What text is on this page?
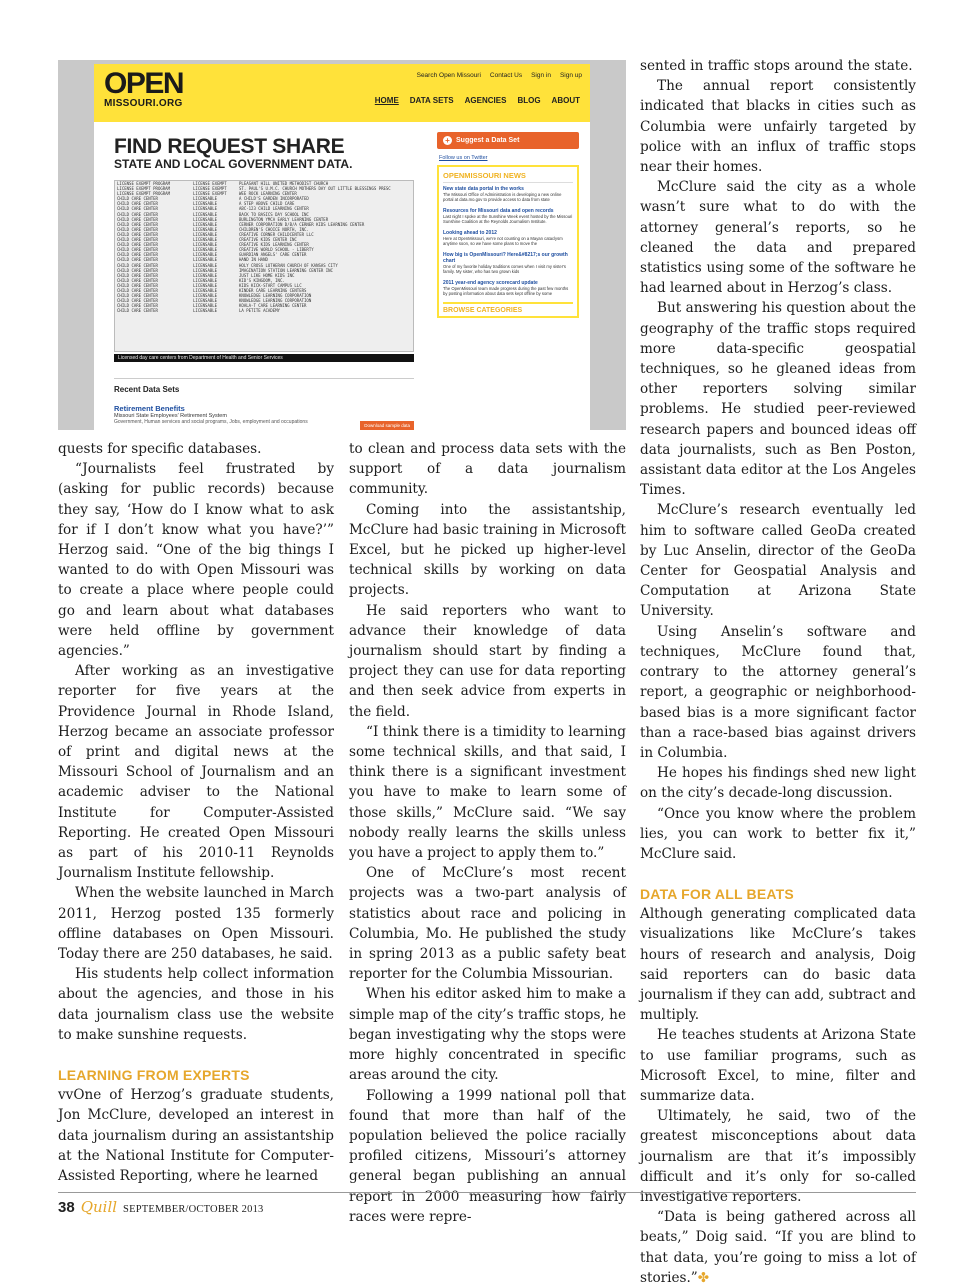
OPEN
MISSOURI.ORG
Search Open Missouri Contact Us Sign in Sign up
HOME DATA SETS AGENCIES BLOG ABOUT
FIND REQUEST SHARE
STATE AND LOCAL GOVERNMENT DATA.
LICENSE EXEMPT PROGRAM	LICENSE EXEMPT	PLEASANT HILL UNITED METHODIST CHURCH
LICENSE EXEMPT PROGRAM	LICENSE EXEMPT	ST. PAUL'S U.M.C. CHURCH MOTHERS DAY OUT LITTLE BLESSINGS PRESC
LICENSE EXEMPT PROGRAM	LICENSE EXEMPT	WEE ROCK LEARNING CENTER
CHILD CARE CENTER	LICENSABLE	A CHILD'S GARDEN INCORPORATED
CHILD CARE CENTER	LICENSABLE	A STEP ABOVE CHILD CARE
CHILD CARE CENTER	LICENSABLE	ABC-123 CHILD LEARNING CENTER
CHILD CARE CENTER	LICENSABLE	BACK TO BASICS DAY SCHOOL INC
CHILD CARE CENTER	LICENSABLE	BURLINGTON YMCA EARLY LEARNING CENTER
CHILD CARE CENTER	LICENSABLE	CERNER CORPORATION D/B/A CERNER KIDS LEARNING CENTER
CHILD CARE CENTER	LICENSABLE	CHILDREN'S CHOICE NORTH, INC.
CHILD CARE CENTER	LICENSABLE	CREATIVE CORNER CHILDCENTER LLC
CHILD CARE CENTER	LICENSABLE	CREATIVE KIDS CENTER INC
CHILD CARE CENTER	LICENSABLE	CREATIVE KIDS LEARNING CENTER
CHILD CARE CENTER	LICENSABLE	CREATIVE WORLD SCHOOL - LIBERTY
CHILD CARE CENTER	LICENSABLE	GUARDIAN ANGELS' CARE CENTER
CHILD CARE CENTER	LICENSABLE	HAND IN HAND
CHILD CARE CENTER	LICENSABLE	HOLY CROSS LUTHERAN CHURCH OF KANSAS CITY
CHILD CARE CENTER	LICENSABLE	IMAGINATION STATION LEARNING CENTER INC
CHILD CARE CENTER	LICENSABLE	JUST LIKE HOME KIDS INC
CHILD CARE CENTER	LICENSABLE	KID'S KINGDOM, INC.
CHILD CARE CENTER	LICENSABLE	KIDS KICK-START CAMPUS LLC
CHILD CARE CENTER	LICENSABLE	KINDER CARE LEARNING CENTERS
CHILD CARE CENTER	LICENSABLE	KNOWLEDGE LEARNING CORPORATION
CHILD CARE CENTER	LICENSABLE	KNOWLEDGE LEARNING CORPORATION
CHILD CARE CENTER	LICENSABLE	KOALA-T CARE LEARNING CENTER
CHILD CARE CENTER	LICENSABLE	LA PETITE ACADEMY
Licensed day care centers from Department of Health and Senior Services
Recent Data Sets
Retirement Benefits
Missouri State Employees' Retirement System
Government, Human services and social programs, Jobs, employment and occupations
Download sample data
+ Suggest a Data Set
Follow us on Twitter
OPENMISSOURI NEWS
New state data portal in the works
The Missouri Office of Administration is developing a new online portal at data.mo.gov to provide access to data from state
Resources for Missouri data and open records
Last night I spoke at the Sunshine Week event hosted by the Missouri Sunshine Coalition at the Reynolds Journalism Institute.
Looking ahead to 2012
Here at OpenMissouri, we're not counting on a Mayan cataclysm anytime soon, so we have some plans to move the
How big is OpenMissouri? Here&#8217;s our growth chart
One of my favorite holiday traditions comes when I visit my sister's family. My sister, who has two grown kids
2011 year-end agency scorecard update
The OpenMissouri team made progress during the past few months by posting information about data sets kept offline by some
BROWSE CATEGORIES

quests for specific databases.

“Journalists feel frustrated by (asking for public records) because they say, ‘How do I know what to ask for if I don’t know what you have?’” Herzog said. “One of the big things I wanted to do with Open Missouri was to create a place where people could go and learn about what databases were held offline by government agencies.”

After working as an investigative reporter for five years at the Providence Journal in Rhode Island, Herzog became an associate professor of print and digital news at the Missouri School of Journalism and an academic adviser to the National Institute for Computer-Assisted Reporting. He created Open Missouri as part of his 2010-11 Reynolds Journalism Institute fellowship.

When the website launched in March 2011, Herzog posted 135 formerly offline databases on Open Missouri. Today there are 250 databases, he said.

His students help collect information about the agencies, and those in his data journalism class use the website to make sunshine requests.

LEARNING FROM EXPERTS

vvOne of Herzog’s graduate students, Jon McClure, developed an interest in data journalism during an assistantship at the National Institute for Computer-Assisted Reporting, where he learned

to clean and process data sets with the support of a data journalism community.

Coming into the assistantship, McClure had basic training in Microsoft Excel, but he picked up higher-level technical skills by working on data projects.

He said reporters who want to advance their knowledge of data journalism should start by finding a project they can use for data reporting and then seek advice from experts in the field.

“I think there is a timidity to learning some technical skills, and that said, I think there is a significant investment you have to make to learn some of those skills,” McClure said. “We say nobody really learns the skills unless you have a project to apply them to.”

One of McClure’s most recent projects was a two-part analysis of statistics about race and policing in Columbia, Mo. He published the study in spring 2013 as a public safety beat reporter for the Columbia Missourian.

When his editor asked him to make a simple map of the city’s traffic stops, he began investigating why the stops were more highly concentrated in specific areas around the city.

Following a 1999 national poll that found that more than half of the population believed the police racially profiled citizens, Missouri’s attorney general began publishing an annual report in 2000 measuring how fairly races were repre-

sented in traffic stops around the state.

The annual report consistently indicated that blacks in cities such as Columbia were unfairly targeted by police with an influx of traffic stops near their homes.

McClure said the city as a whole wasn’t sure what to do with the attorney general’s reports, so he cleaned the data and prepared statistics using some of the software he had learned about in Herzog’s class.

But answering his question about the geography of the traffic stops required more data-specific geospatial techniques, so he gleaned ideas from other reporters solving similar problems. He studied peer-reviewed research papers and bounced ideas off data journalists, such as Ben Poston, assistant data editor at the Los Angeles Times.

McClure’s research eventually led him to software called GeoDa created by Luc Anselin, director of the GeoDa Center for Geospatial Analysis and Computation at Arizona State University.

Using Anselin’s software and techniques, McClure found that, contrary to the attorney general’s report, a geographic or neighborhood-based bias is a more significant factor than a race-based bias against drivers in Columbia.

He hopes his findings shed new light on the city’s decade-long discussion.

“Once you know where the problem lies, you can work to better fix it,” McClure said.

DATA FOR ALL BEATS

Although generating complicated data visualizations like McClure’s takes hours of research and analysis, Doig said reporters can do basic data journalism if they can add, subtract and multiply.

He teaches students at Arizona State to use familiar programs, such as Microsoft Excel, to mine, filter and summarize data.

Ultimately, he said, two of the greatest misconceptions about data journalism are that it’s impossibly difficult and it’s only for so-called investigative reporters.

“Data is being gathered across all beats,” Doig said. “If you are blind to that data, you’re going to miss a lot of stories.”✤

38 Quill SEPTEMBER/OCTOBER 2013
